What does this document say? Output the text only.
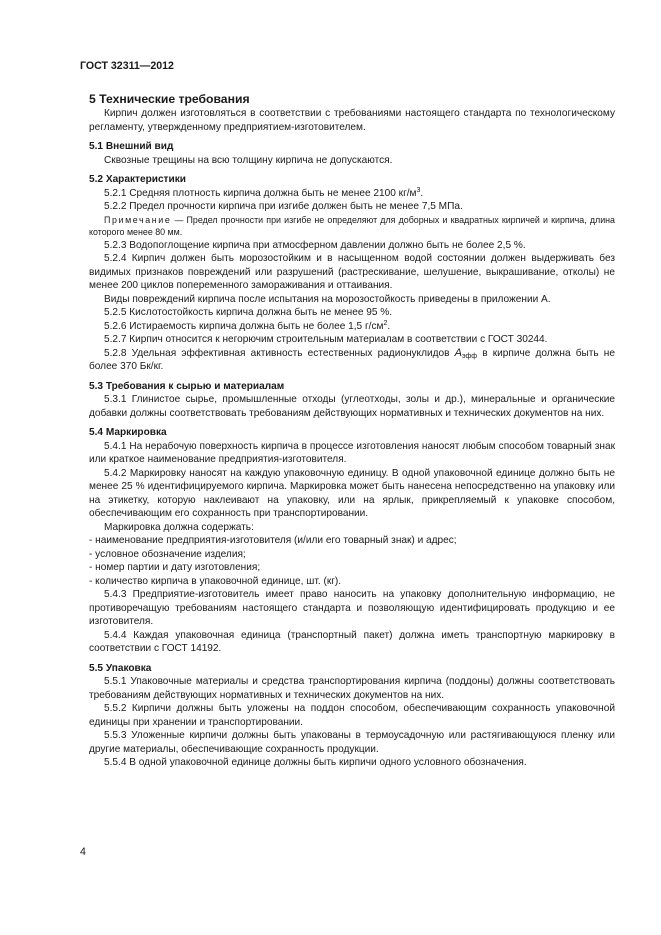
ГОСТ 32311—2012

5 Технические требования

Кирпич должен изготовляться в соответствии с требованиями настоящего стандарта по технологическому регламенту, утвержденному предприятием-изготовителем.

5.1 Внешний вид

Сквозные трещины на всю толщину кирпича не допускаются.

5.2 Характеристики

5.2.1 Средняя плотность кирпича должна быть не менее 2100 $кг/м^3$.

5.2.2 Предел прочности кирпича при изгибе должен быть не менее 7,5 МПа.

Примечание — Предел прочности при изгибе не определяют для доборных и квадратных кирпичей и кирпича, длина которого менее 80 мм.

5.2.3 Водопоглощение кирпича при атмосферном давлении должно быть не более 2,5 %.

5.2.4 Кирпич должен быть морозостойким и в насыщенном водой состоянии должен выдерживать без видимых признаков повреждений или разрушений (растрескивание, шелушение, выкрашивание, отколы) не менее 200 циклов попеременного замораживания и оттаивания.

Виды повреждений кирпича после испытания на морозостойкость приведены в приложении А.

5.2.5 Кислотостойкость кирпича должна быть не менее 95 %.

5.2.6 Истираемость кирпича должна быть не более 1,5 $г/см^2$.

5.2.7 Кирпич относится к негорючим строительным материалам в соответствии с ГОСТ 30244.

5.2.8 Удельная эффективная активность естественных радионуклидов $A_{эфф}$ в кирпиче должна быть не более 370 Бк/кг.

5.3 Требования к сырью и материалам

5.3.1 Глинистое сырье, промышленные отходы (углеотходы, золы и др.), минеральные и органические добавки должны соответствовать требованиям действующих нормативных и технических документов на них.

5.4 Маркировка

5.4.1 На нерабочую поверхность кирпича в процессе изготовления наносят любым способом товарный знак или краткое наименование предприятия-изготовителя.

5.4.2 Маркировку наносят на каждую упаковочную единицу. В одной упаковочной единице должно быть не менее 25 % идентифицируемого кирпича. Маркировка может быть нанесена непосредственно на упаковку или на этикетку, которую наклеивают на упаковку, или на ярлык, прикрепляемый к упаковке способом, обеспечивающим его сохранность при транспортировании.

Маркировка должна содержать:

- наименование предприятия-изготовителя (и/или его товарный знак) и адрес;

- условное обозначение изделия;

- номер партии и дату изготовления;

- количество кирпича в упаковочной единице, шт. (кг).

5.4.3 Предприятие-изготовитель имеет право наносить на упаковку дополнительную информацию, не противоречащую требованиям настоящего стандарта и позволяющую идентифицировать продукцию и ее изготовителя.

5.4.4 Каждая упаковочная единица (транспортный пакет) должна иметь транспортную маркировку в соответствии с ГОСТ 14192.

5.5 Упаковка

5.5.1 Упаковочные материалы и средства транспортирования кирпича (поддоны) должны соответствовать требованиям действующих нормативных и технических документов на них.

5.5.2 Кирпичи должны быть уложены на поддон способом, обеспечивающим сохранность упаковочной единицы при хранении и транспортировании.

5.5.3 Уложенные кирпичи должны быть упакованы в термоусадочную или растягивающуюся пленку или другие материалы, обеспечивающие сохранность продукции.

5.5.4 В одной упаковочной единице должны быть кирпичи одного условного обозначения.

4
